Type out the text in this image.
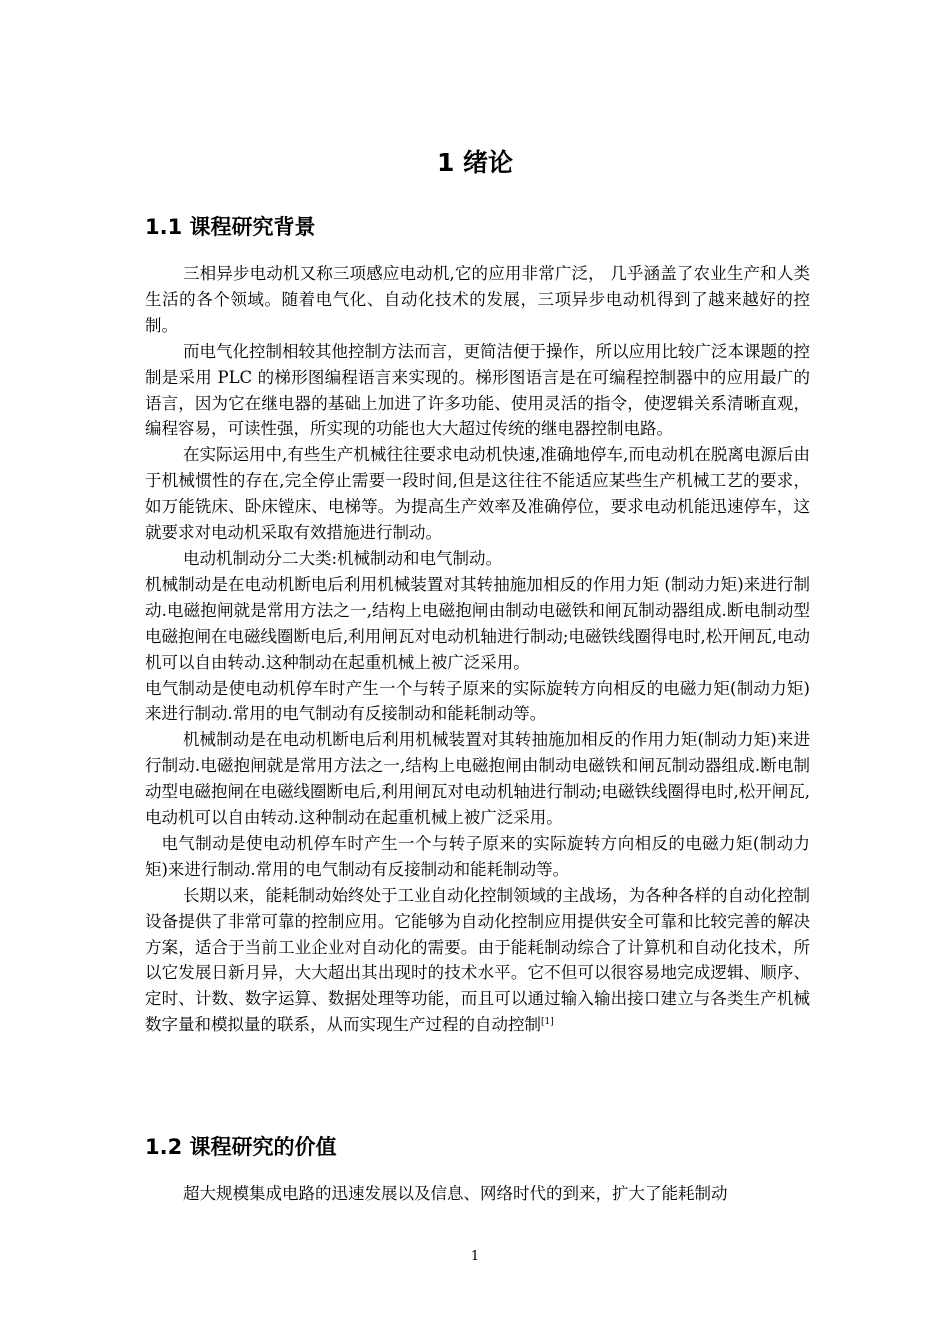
1 绪论
1.1 课程研究背景

三相异步电动机又称三项感应电动机,它的应用非常广泛， 几乎涵盖了农业生产和人类生活的各个领域。随着电气化、自动化技术的发展，三项异步电动机得到了越来越好的控制。

而电气化控制相较其他控制方法而言，更简洁便于操作，所以应用比较广泛本课题的控制是采用 PLC 的梯形图编程语言来实现的。梯形图语言是在可编程控制器中的应用最广的语言，因为它在继电器的基础上加进了许多功能、使用灵活的指令，使逻辑关系清晰直观，编程容易，可读性强，所实现的功能也大大超过传统的继电器控制电路。

在实际运用中,有些生产机械往往要求电动机快速,准确地停车,而电动机在脱离电源后由于机械惯性的存在,完全停止需要一段时间,但是这往往不能适应某些生产机械工艺的要求，如万能铣床、卧床镗床、电梯等。为提高生产效率及准确停位，要求电动机能迅速停车，这就要求对电动机采取有效措施进行制动。

电动机制动分二大类:机械制动和电气制动。

机械制动是在电动机断电后利用机械装置对其转抽施加相反的作用力矩 (制动力矩)来进行制动.电磁抱闸就是常用方法之一,结构上电磁抱闸由制动电磁铁和闸瓦制动器组成.断电制动型电磁抱闸在电磁线圈断电后,利用闸瓦对电动机轴进行制动;电磁铁线圈得电时,松开闸瓦,电动机可以自由转动.这种制动在起重机械上被广泛采用。

电气制动是使电动机停车时产生一个与转子原来的实际旋转方向相反的电磁力矩(制动力矩)来进行制动.常用的电气制动有反接制动和能耗制动等。

机械制动是在电动机断电后利用机械装置对其转抽施加相反的作用力矩(制动力矩)来进行制动.电磁抱闸就是常用方法之一,结构上电磁抱闸由制动电磁铁和闸瓦制动器组成.断电制动型电磁抱闸在电磁线圈断电后,利用闸瓦对电动机轴进行制动;电磁铁线圈得电时,松开闸瓦,电动机可以自由转动.这种制动在起重机械上被广泛采用。

电气制动是使电动机停车时产生一个与转子原来的实际旋转方向相反的电磁力矩(制动力矩)来进行制动.常用的电气制动有反接制动和能耗制动等。

长期以来，能耗制动始终处于工业自动化控制领域的主战场，为各种各样的自动化控制设备提供了非常可靠的控制应用。它能够为自动化控制应用提供安全可靠和比较完善的解决方案，适合于当前工业企业对自动化的需要。由于能耗制动综合了计算机和自动化技术，所以它发展日新月异，大大超出其出现时的技术水平。它不但可以很容易地完成逻辑、顺序、定时、计数、数字运算、数据处理等功能，而且可以通过输入输出接口建立与各类生产机械数字量和模拟量的联系，从而实现生产过程的自动控制[1]

1.2 课程研究的价值

超大规模集成电路的迅速发展以及信息、网络时代的到来，扩大了能耗制动

1
